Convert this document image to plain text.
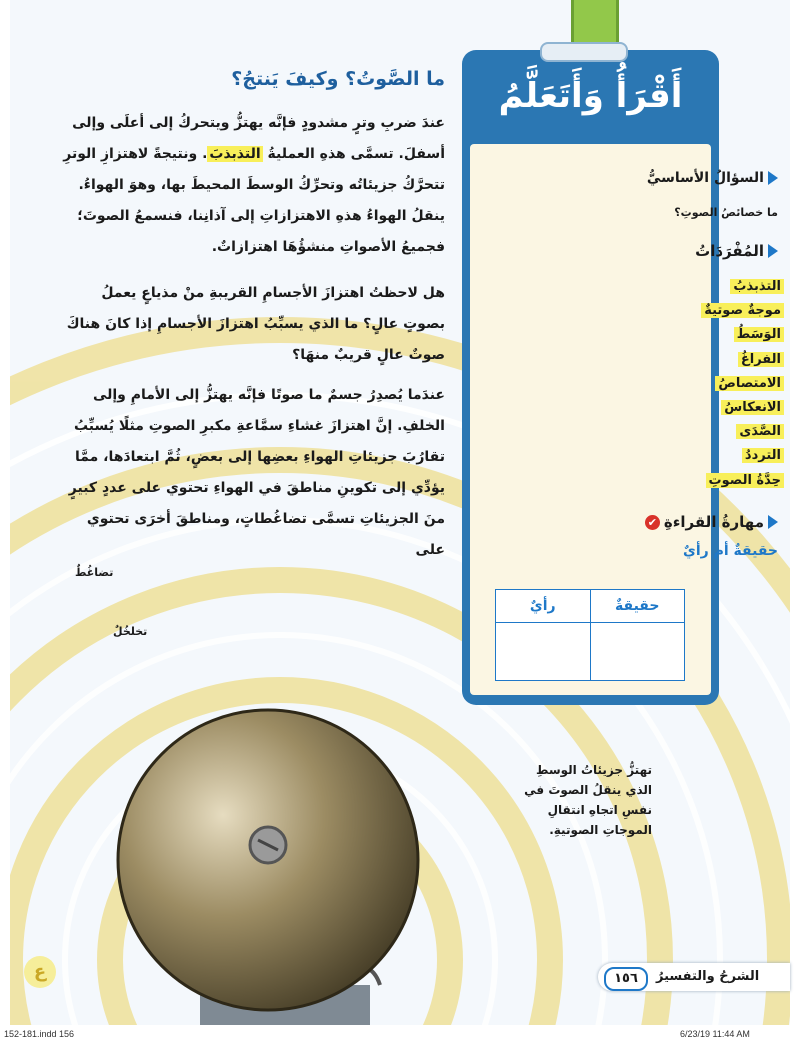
ما الصَّوتُ؟ وكيفَ يَنتجُ؟

عندَ ضربِ وترٍ مشدودٍ فإنَّه يهتزُّ ويتحركُ إلى أعلَى وإلى أسفلَ. تسمَّى هذهِ العمليةُ التذبذبَ. ونتيجةً لاهتزازِ الوترِ تتحرَّكُ جزيئاتُه وتحرِّكُ الوسطَ المحيطَ بها، وهوَ الهواءُ. ينقلُ الهواءُ هذهِ الاهتزازاتِ إلى آذانِنا، فنسمعُ الصوتَ؛ فجميعُ الأصواتِ منشؤُهَا اهتزازاتٌ.

هل لاحظتُ اهتزازَ الأجسامِ القريبةِ منْ مذياعٍ يعملُ بصوتٍ عالٍ؟ ما الذي يسبِّبُ اهتزازَ الأجسامِ إذا كانَ هناكَ صوتٌ عالٍ قريبٌ منهَا؟

عندَما يُصدِرُ جسمٌ ما صوتًا فإنَّه يهتزُّ إلى الأمامِ وإلى الخلفِ. إنَّ اهتزازَ غشاءِ سمَّاعةِ مكبرِ الصوتِ مثلًا يُسبِّبُ تقارُبَ جزيئاتِ الهواءِ بعضِها إلى بعضٍ، ثُمَّ ابتعادَها، ممَّا يؤدِّي إلى تكوينِ مناطقَ في الهواءِ تحتوي على عددٍ كبيرٍ منَ الجزيئاتِ تسمَّى تضاغُطاتٍ، ومناطقَ أخرَى تحتوي على

تضاغُطٌ

تخلخُلٌ

أَقْرَأُ وَأَتَعَلَّمُ
السؤالُ الأساسيُّ

ما خصائصُ الصوتِ؟

المُفْرَدَاتُ
التذبذبُ
موجةٌ صوتيةٌ
الوَسَطُ
الفراغُ
الامتصاصُ
الانعكاسُ
الصَّدَى
الترددُ
حِدَّةُ الصوتِ
مهارةُ القراءةِ
✔

حقيقةٌ أم رأيٌ

حقيقةٌ	رأيٌ

تهتزُّ جزيئاتُ الوسطِ الذي ينقلُ الصوتَ في نفسِ اتجاهِ انتقالِ الموجاتِ الصوتيةِ.

ع	١٥٦	الشرحُ والتفسيرُ

152-181.indd 156	6/23/19 11:44 AM
